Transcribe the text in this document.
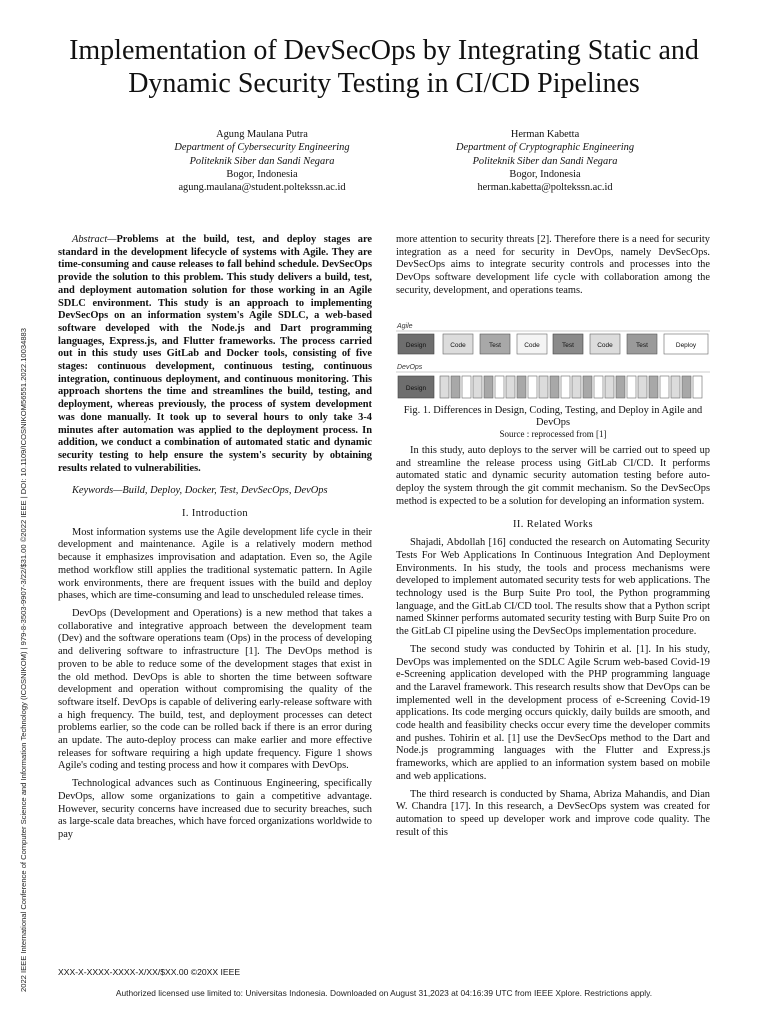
Implementation of DevSecOps by Integrating Static and Dynamic Security Testing in CI/CD Pipelines
Agung Maulana Putra
Department of Cybersecurity Engineering
Politeknik Siber dan Sandi Negara
Bogor, Indonesia
agung.maulana@student.poltekssn.ac.id
Herman Kabetta
Department of Cryptographic Engineering
Politeknik Siber dan Sandi Negara
Bogor, Indonesia
herman.kabetta@poltekssn.ac.id
2022 IEEE International Conference of Computer Science and Information Technology (ICOSNIKOM) | 979-8-3503-9907-3/22/$31.00 ©2022 IEEE | DOI: 10.1109/ICOSNIKOM56551.2022.10034883

Abstract—Problems at the build, test, and deploy stages are standard in the development lifecycle of systems with Agile. They are time-consuming and cause releases to fall behind schedule. DevSecOps provide the solution to this problem. This study delivers a build, test, and deployment automation solution for those working in an Agile SDLC environment. This study is an approach to implementing DevSecOps on an information system's Agile SDLC, a web-based software developed with the Node.js and Dart programming languages, Express.js, and Flutter frameworks. The process carried out in this study uses GitLab and Docker tools, consisting of five stages: continuous development, continuous testing, continuous integration, continuous deployment, and continuous monitoring. This approach shortens the time and streamlines the build, testing, and deployment, whereas previously, the process of system development was done manually. It took up to several hours to only take 3-4 minutes after automation was applied to the deployment process. In addition, we conduct a combination of automated static and dynamic security testing to help ensure the system's security by obtaining results related to vulnerabilities.

Keywords—Build, Deploy, Docker, Test, DevSecOps, DevOps

I. Introduction

Most information systems use the Agile development life cycle in their development and maintenance. Agile is a relatively modern method because it emphasizes improvisation and adaptation. Even so, the Agile method workflow still applies the traditional systematic pattern. In Agile work environments, there are frequent issues with the build and deploy phases, which are time-consuming and lead to unscheduled release times.

DevOps (Development and Operations) is a new method that takes a collaborative and integrative approach between the development team (Dev) and the software operations team (Ops) in the process of developing and delivering software to infrastructure [1]. The DevOps method is proven to be able to reduce some of the development stages that exist in the old method. DevOps is able to shorten the time between software development and operation without compromising the quality of the software itself. DevOps is capable of delivering early-release software with a high frequency. The build, test, and deployment processes can detect problems earlier, so the code can be rolled back if there is an error during an update. The auto-deploy process can make earlier and more effective releases for software requiring a high update frequency. Figure 1 shows Agile's coding and testing process and how it compares with DevOps.

Technological advances such as Continuous Engineering, specifically DevOps, allow some organizations to gain a competitive advantage. However, security concerns have increased due to security breaches, such as large-scale data breaches, which have forced organizations worldwide to pay

more attention to security threats [2]. Therefore there is a need for security integration as a need for security in DevOps, namely DevSecOps. DevSecOps aims to integrate security controls and processes into the DevOps software development life cycle with collaboration among the security, development, and operations teams.

Agile
Design	Code	Test	Code	Test	Code	Test	Deploy
DevOps
Design
Fig. 1. Differences in Design, Coding, Testing, and Deploy in Agile and DevOps
Source : reprocessed from [1]

In this study, auto deploys to the server will be carried out to speed up and streamline the release process using GitLab CI/CD. It performs automated static and dynamic security automation testing before auto-deploy the system through the git commit mechanism. So the DevSecOps method is expected to be a solution for developing an information system.

II. Related Works

Shajadi, Abdollah [16] conducted the research on Automating Security Tests For Web Applications In Continuous Integration And Deployment Environments. In his study, the tools and process mechanisms were developed to implement automated security tests for web applications. The technology used is the Burp Suite Pro tool, the Python programming language, and the GitLab CI/CD tool. The results show that a Python script named Skinner performs automated security testing with Burp Suite Pro on the GitLab CI pipeline using the DevSecOps implementation procedure.

The second study was conducted by Tohirin et al. [1]. In his study, DevOps was implemented on the SDLC Agile Scrum web-based Covid-19 e-Screening application developed with the PHP programming language and the Laravel framework. This research results show that DevOps can be implemented well in the development process of e-Screening Covid-19 applications. Its code merging occurs quickly, daily builds are smooth, and code health and feasibility checks occur every time the developer commits and pushes. Tohirin et al. [1] use the DevSecOps method to the Dart and Node.js programming languages with the Flutter and Express.js frameworks, which are applied to an information system based on mobile and web applications.

The third research is conducted by Shama, Abriza Mahandis, and Dian W. Chandra [17]. In this research, a DevSecOps system was created for automation to speed up developer work and improve code quality. The result of this

XXX-X-XXXX-XXXX-X/XX/$XX.00 ©20XX IEEE
Authorized licensed use limited to: Universitas Indonesia. Downloaded on August 31,2023 at 04:16:39 UTC from IEEE Xplore. Restrictions apply.
